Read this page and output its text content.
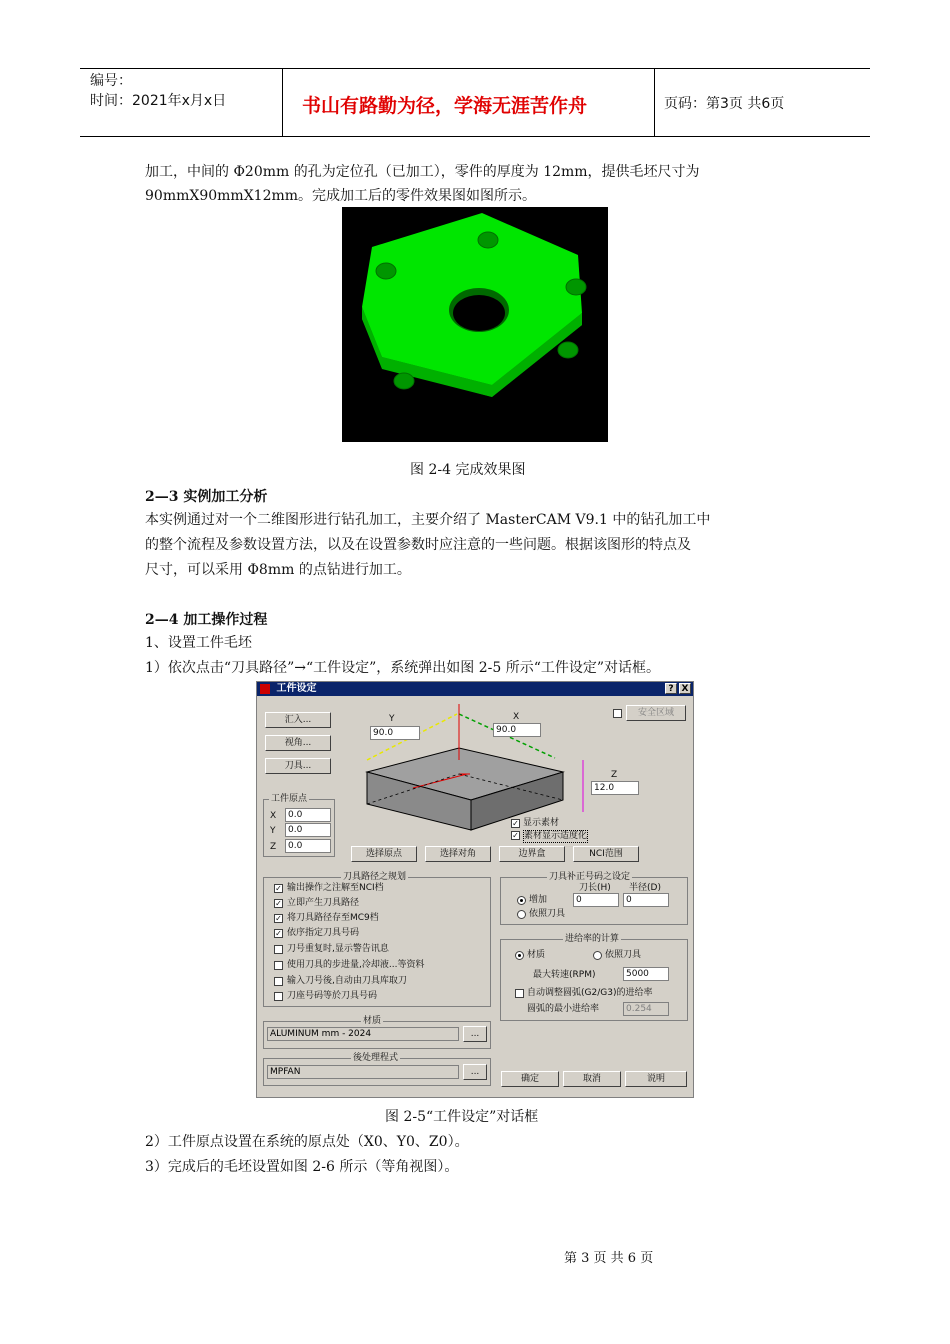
编号：
时间：2021年x月x日	书山有路勤为径，学海无涯苦作舟	页码：第3页 共6页
加工，中间的 Φ20mm 的孔为定位孔（已加工），零件的厚度为 12mm，提供毛坯尺寸为
90mmX90mmX12mm。完成加工后的零件效果图如图所示。
图 2-4 完成效果图
2—3 实例加工分析
本实例通过对一个二维图形进行钻孔加工，主要介绍了 MasterCAM V9.1 中的钻孔加工中
的整个流程及参数设置方法，以及在设置参数时应注意的一些问题。根据该图形的特点及
尺寸，可以采用 Φ8mm 的点钻进行加工。
2—4 加工操作过程
1、设置工件毛坯
1）依次点击“刀具路径”→“工件设定”，系统弹出如图 2-5 所示“工件设定”对话框。
工件设定	? X
汇入...
视角...
刀具...
安全区域
Y
90.0
X
90.0
Z
12.0
工件原点
X	0.0
Y	0.0
Z	0.0
✓ 显示素材
✓ 素材显示适度化
选择原点	选择对角	边界盒	NCI范围
刀具路径之规划
✓ 输出操作之注解至NCI档
✓ 立即产生刀具路径
✓ 将刀具路径存至MC9档
✓ 依序指定刀具号码
刀号重复时,显示警告讯息
使用刀具的步进量,冷却液...等资料
输入刀号後,自动由刀具库取刀
刀座号码等於刀具号码
刀具补正号码之设定
刀长(H) 半径(D)
增加	0	0
依照刀具
进给率的计算
材质	依照刀具
最大转速(RPM)	5000
自动调整圆弧(G2/G3)的进给率
圆弧的最小进给率	0.254
材质
ALUMINUM mm - 2024	...
後处理程式
MPFAN	...
确定	取消	说明
图 2-5“工件设定”对话框
2）工件原点设置在系统的原点处（X0、Y0、Z0）。
3）完成后的毛坯设置如图 2-6 所示（等角视图）。
第 3 页 共 6 页
